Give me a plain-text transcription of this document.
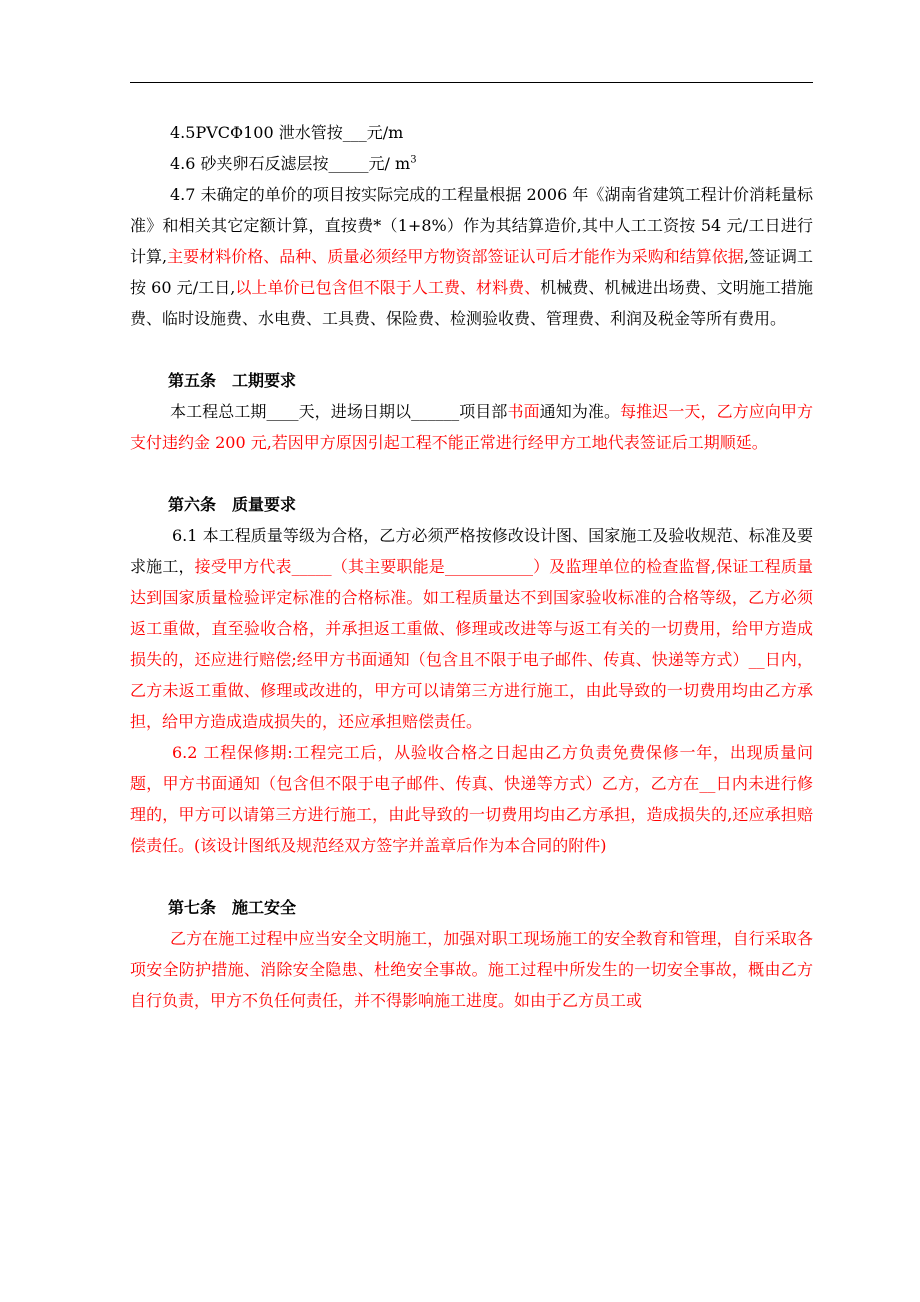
4.5PVCΦ100 泄水管按___元/m

4.6 砂夹卵石反滤层按_____元/ $m^3$

4.7 未确定的单价的项目按实际完成的工程量根据 2006 年《湖南省建筑工程计价消耗量标准》和相关其它定额计算，直按费*（1+8%）作为其结算造价,其中人工工资按 54 元/工日进行计算,主要材料价格、品种、质量必须经甲方物资部签证认可后才能作为采购和结算依据,签证调工按 60 元/工日,以上单价已包含但不限于人工费、材料费、机械费、机械进出场费、文明施工措施费、临时设施费、水电费、工具费、保险费、检测验收费、管理费、利润及税金等所有费用。

第五条　工期要求

本工程总工期____天，进场日期以______项目部书面通知为准。每推迟一天，乙方应向甲方支付违约金 200 元,若因甲方原因引起工程不能正常进行经甲方工地代表签证后工期顺延。

第六条　质量要求

6.1 本工程质量等级为合格，乙方必须严格按修改设计图、国家施工及验收规范、标准及要求施工，接受甲方代表_____（其主要职能是___________）及监理单位的检查监督,保证工程质量达到国家质量检验评定标准的合格标准。如工程质量达不到国家验收标准的合格等级，乙方必须返工重做，直至验收合格，并承担返工重做、修理或改进等与返工有关的一切费用，给甲方造成损失的，还应进行赔偿;经甲方书面通知（包含且不限于电子邮件、传真、快递等方式）__日内，乙方未返工重做、修理或改进的，甲方可以请第三方进行施工，由此导致的一切费用均由乙方承担，给甲方造成造成损失的，还应承担赔偿责任。

6.2 工程保修期:工程完工后，从验收合格之日起由乙方负责免费保修一年，出现质量问题，甲方书面通知（包含但不限于电子邮件、传真、快递等方式）乙方，乙方在__日内未进行修理的，甲方可以请第三方进行施工，由此导致的一切费用均由乙方承担，造成损失的,还应承担赔偿责任。(该设计图纸及规范经双方签字并盖章后作为本合同的附件)

第七条　施工安全

乙方在施工过程中应当安全文明施工，加强对职工现场施工的安全教育和管理，自行采取各项安全防护措施、消除安全隐患、杜绝安全事故。施工过程中所发生的一切安全事故，概由乙方自行负责，甲方不负任何责任，并不得影响施工进度。如由于乙方员工或
